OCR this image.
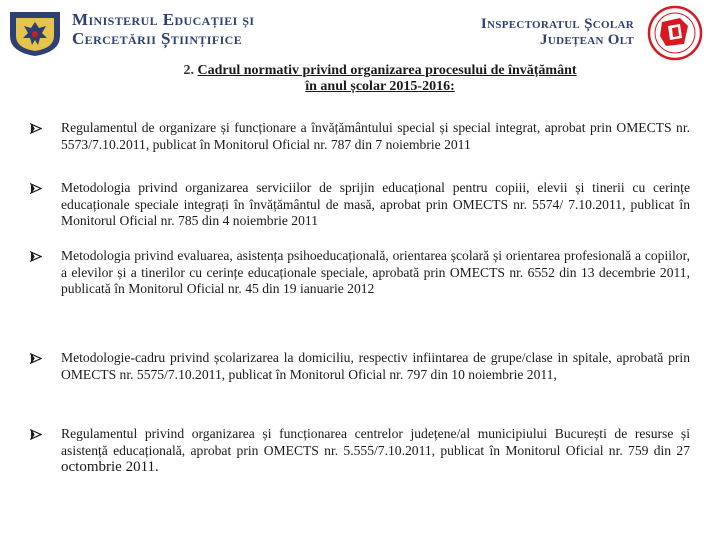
Ministerul Educației și
Cercetării Științifice
Inspectoratul Școlar
Județean Olt
2. Cadrul normativ privind organizarea procesului de învățământ
în anul școlar 2015-2016:
Regulamentul de organizare și funcționare a învățământului special și special integrat, aprobat prin OMECTS nr. 5573/7.10.2011, publicat în Monitorul Oficial nr. 787 din 7 noiembrie 2011
Metodologia privind organizarea serviciilor de sprijin educațional pentru copiii, elevii și tinerii cu cerințe educaționale speciale integrați în învățământul de masă, aprobat prin OMECTS nr. 5574/ 7.10.2011, publicat în Monitorul Oficial nr. 785 din 4 noiembrie 2011
Metodologia privind evaluarea, asistența psihoeducațională, orientarea școlară și orientarea profesională a copiilor, a elevilor și a tinerilor cu cerințe educaționale speciale, aprobată prin OMECTS nr. 6552 din 13 decembrie 2011, publicată în Monitorul Oficial nr. 45 din 19 ianuarie 2012
Metodologie-cadru privind școlarizarea la domiciliu, respectiv infiintarea de grupe/clase in spitale, aprobată prin OMECTS nr. 5575/7.10.2011, publicat în Monitorul Oficial nr. 797 din 10 noiembrie 2011,
Regulamentul privind organizarea și funcționarea centrelor județene/al municipiului București de resurse și asistență educațională, aprobat prin OMECTS nr. 5.555/7.10.2011, publicat în Monitorul Oficial nr. 759 din 27 octombrie 2011.
